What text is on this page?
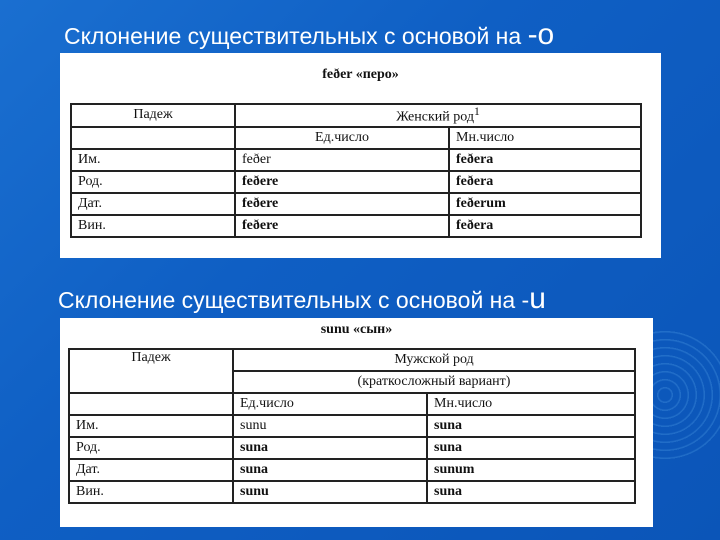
Склонение существительных с основой на -o
feðer «перо»
Падеж	Женский род$^1$
	Ед.число	Мн.число
Им.	feðer	feðera
Род.	feðere	feðera
Дат.	feðere	feðerum
Вин.	feðere	feðera
Склонение существительных с основой на -u
sunu «сын»
Падеж	Мужской род	
	(краткосложный вариант)	
	Ед.число	Мн.число
Им.	sunu	suna
Род.	suna	suna
Дат.	suna	sunum
Вин.	sunu	suna
